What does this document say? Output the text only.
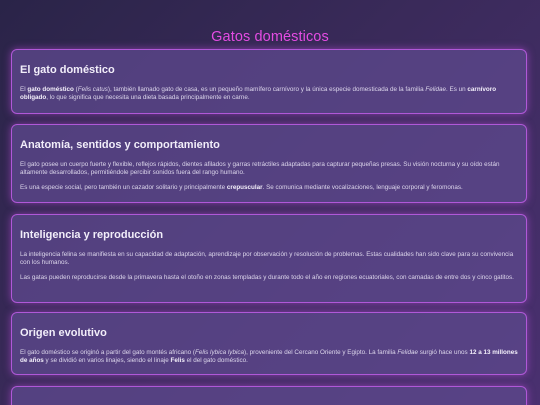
Gatos domésticos
El gato doméstico

El gato doméstico (Felis catus), también llamado gato de casa, es un pequeño mamífero carnívoro y la única especie domesticada de la familia Felidae. Es un carnívoro obligado, lo que significa que necesita una dieta basada principalmente en carne.

Anatomía, sentidos y comportamiento

El gato posee un cuerpo fuerte y flexible, reflejos rápidos, dientes afilados y garras retráctiles adaptadas para capturar pequeñas presas. Su visión nocturna y su oído están altamente desarrollados, permitiéndole percibir sonidos fuera del rango humano.

Es una especie social, pero también un cazador solitario y principalmente crepuscular. Se comunica mediante vocalizaciones, lenguaje corporal y feromonas.

Inteligencia y reproducción

La inteligencia felina se manifiesta en su capacidad de adaptación, aprendizaje por observación y resolución de problemas. Estas cualidades han sido clave para su convivencia con los humanos.

Las gatas pueden reproducirse desde la primavera hasta el otoño en zonas templadas y durante todo el año en regiones ecuatoriales, con camadas de entre dos y cinco gatitos.

Origen evolutivo

El gato doméstico se originó a partir del gato montés africano (Felis lybica lybica), proveniente del Cercano Oriente y Egipto. La familia Felidae surgió hace unos 12 a 13 millones de años y se dividió en varios linajes, siendo el linaje Felis el del gato doméstico.
